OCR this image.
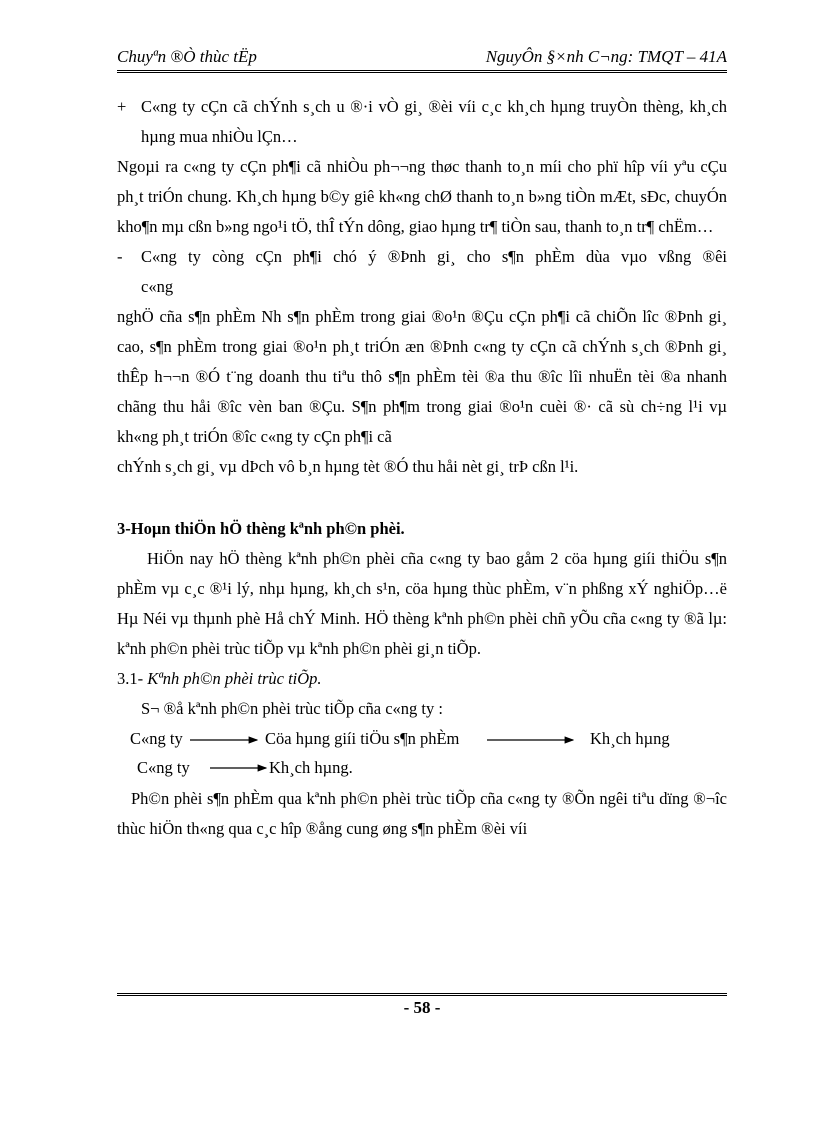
Chuyªn ®Ò thùc tËp	NguyÔn §×nh C¬ng: TMQT – 41A
+ C«ng ty cÇn cã chÝnh s¸ch u ®·i vÒ gi¸ ®èi víi c¸c kh¸ch hµng truyÒn thèng, kh¸ch hµng mua nhiÒu lÇn…

Ngoµi ra c«ng ty cÇn ph¶i cã nhiÒu ph¬¬ng thøc thanh to¸n míi cho phï hîp víi yªu cÇu ph¸t triÓn chung. Kh¸ch hµng b©y giê kh«ng chØ thanh to¸n b»ng tiÒn mÆt, sÐc, chuyÓn kho¶n mµ cßn b»ng ngo¹i tÖ, thÎ tÝn dông, giao hµng tr¶ tiÒn sau, thanh to¸n tr¶ chËm…

-	C«ng ty còng cÇn ph¶i chó ý ®Þnh gi¸ cho s¶n phÈm dùa vµo vßng ®êi
c«ng

nghÖ cña s¶n phÈm Nh s¶n phÈm trong giai ®o¹n ®Çu cÇn ph¶i cã chiÕn lîc ®Þnh gi¸ cao, s¶n phÈm trong giai ®o¹n ph¸t triÓn æn ®Þnh c«ng ty cÇn cã chÝnh s¸ch ®Þnh gi¸ thÊp h¬¬n ®Ó t¨ng doanh thu tiªu thô s¶n phÈm tèi ®a thu ®îc lîi nhuËn tèi ®a nhanh chãng thu håi ®îc vèn ban ®Çu. S¶n ph¶m trong giai ®o¹n cuèi ®· cã sù ch÷ng l¹i vµ kh«ng ph¸t triÓn ®îc c«ng ty cÇn ph¶i cã

chÝnh s¸ch gi¸ vµ dÞch vô b¸n hµng tèt ®Ó thu håi nèt gi¸ trÞ cßn l¹i.

3-Hoµn thiÖn hÖ thèng kªnh ph©n phèi.

HiÖn nay hÖ thèng kªnh ph©n phèi cña c«ng ty bao gåm 2 cöa hµng giíi thiÖu s¶n phÈm vµ c¸c ®¹i lý, nhµ hµng, kh¸ch s¹n, cöa hµng thùc phÈm, v¨n phßng xÝ nghiÖp…ë Hµ Néi vµ thµnh phè Hå chÝ Minh. HÖ thèng kªnh ph©n phèi chñ yÕu cña c«ng ty ®ã lµ: kªnh ph©n phèi trùc tiÕp vµ kªnh ph©n phèi gi¸n tiÕp.

3.1- Kªnh ph©n phèi trùc tiÕp.

S¬ ®å kªnh ph©n phèi trùc tiÕp cña c«ng ty :

C«ng ty	Cöa hµng giíi tiÖu s¶n phÈm	Kh¸ch hµng
C«ng ty	Kh¸ch hµng.

Ph©n phèi s¶n phÈm qua kªnh ph©n phèi trùc tiÕp cña c«ng ty ®Õn ngêi tiªu dïng ®¬îc thùc hiÖn th«ng qua c¸c hîp ®ång cung øng s¶n phÈm ®èi víi

- 58 -
